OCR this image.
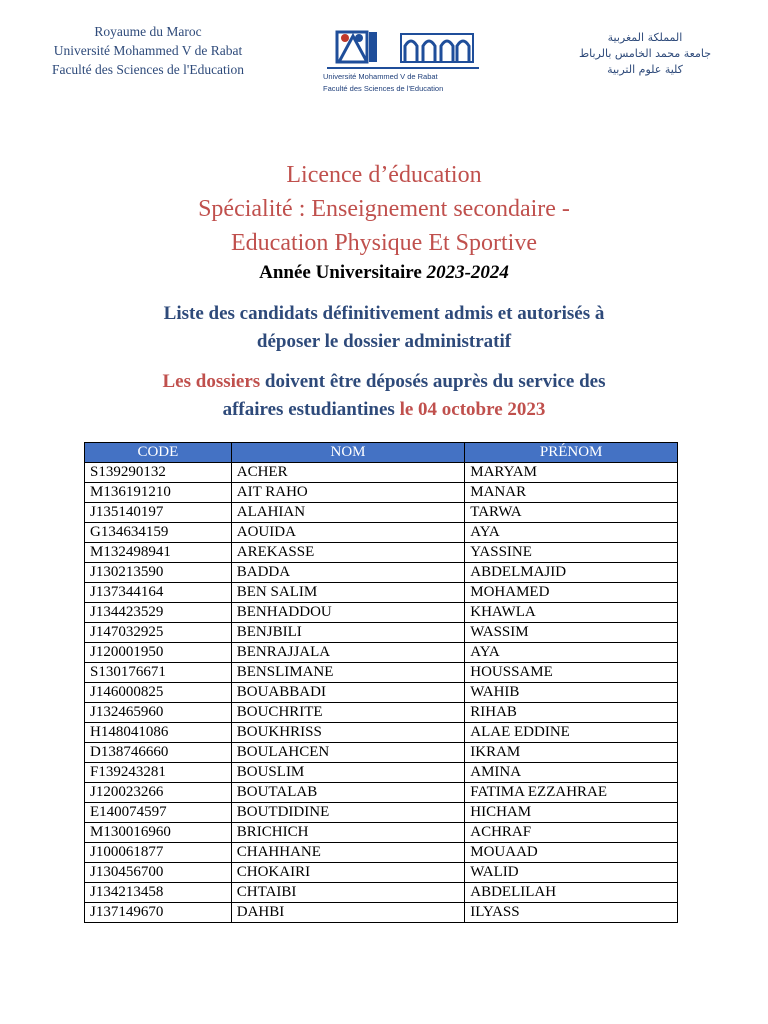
Royaume du Maroc
Université Mohammed V de Rabat
Faculté des Sciences de l'Education	Université Mohammed V de Rabat
Faculté des Sciences de l'Education
المملكة المغربية
جامعة محمد الخامس بالرباط
كلية علوم التربية
Licence d’éducation
Spécialité : Enseignement secondaire -
Education Physique Et Sportive
Année Universitaire 2023-2024
Liste des candidats définitivement admis et autorisés à
déposer le dossier administratif
Les dossiers doivent être déposés auprès du service des
affaires estudiantines le 04 octobre 2023
CODE	NOM	PRÉNOM
S139290132	ACHER	MARYAM
M136191210	AIT RAHO	MANAR
J135140197	ALAHIAN	TARWA
G134634159	AOUIDA	AYA
M132498941	AREKASSE	YASSINE
J130213590	BADDA	ABDELMAJID
J137344164	BEN SALIM	MOHAMED
J134423529	BENHADDOU	KHAWLA
J147032925	BENJBILI	WASSIM
J120001950	BENRAJJALA	AYA
S130176671	BENSLIMANE	HOUSSAME
J146000825	BOUABBADI	WAHIB
J132465960	BOUCHRITE	RIHAB
H148041086	BOUKHRISS	ALAE EDDINE
D138746660	BOULAHCEN	IKRAM
F139243281	BOUSLIM	AMINA
J120023266	BOUTALAB	FATIMA EZZAHRAE
E140074597	BOUTDIDINE	HICHAM
M130016960	BRICHICH	ACHRAF
J100061877	CHAHHANE	MOUAAD
J130456700	CHOKAIRI	WALID
J134213458	CHTAIBI	ABDELILAH
J137149670	DAHBI	ILYASS
